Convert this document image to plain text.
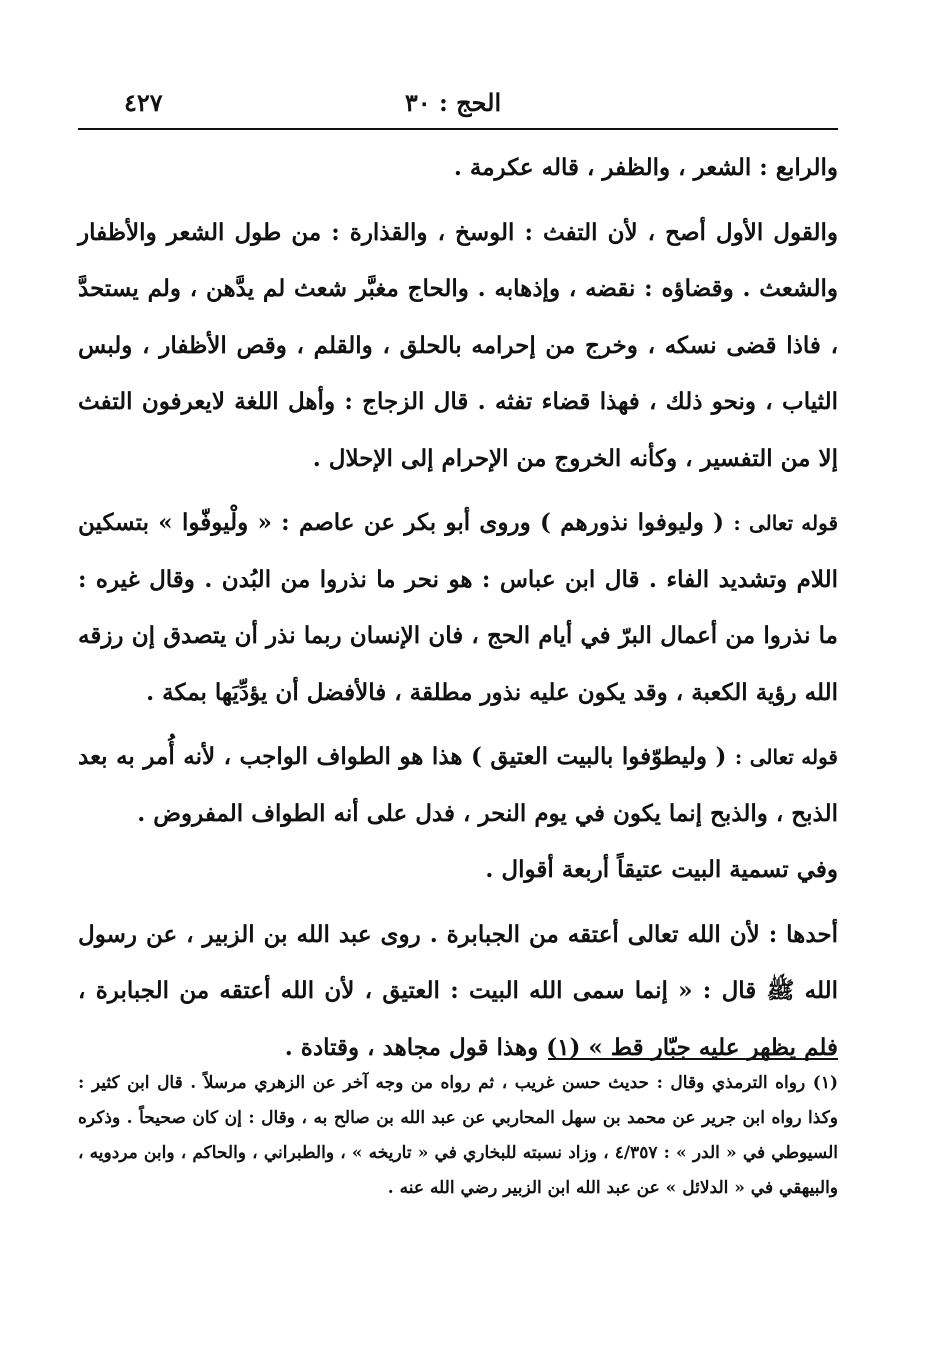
الحج : ٣٠
٤٢٧

والرابع : الشعر ، والظفر ، قاله عكرمة .

والقول الأول أصح ، لأن التفث : الوسخ ، والقذارة : من طول الشعر والأظفار والشعث . وقضاؤه : نقضه ، وإذهابه . والحاج مغبَّر شعث لم يدَّهن ، ولم يستحدَّ ، فاذا قضى نسكه ، وخرج من إحرامه بالحلق ، والقلم ، وقص الأظفار ، ولبس الثياب ، ونحو ذلك ، فهذا قضاء تفثه . قال الزجاج : وأهل اللغة لايعرفون التفث إلا من التفسير ، وكأنه الخروج من الإحرام إلى الإحلال .

قوله تعالى : ( وليوفوا نذورهم ) وروى أبو بكر عن عاصم : « ولْيوفّوا » بتسكين اللام وتشديد الفاء . قال ابن عباس : هو نحر ما نذروا من البُدن . وقال غيره : ما نذروا من أعمال البرّ في أيام الحج ، فان الإنسان ربما نذر أن يتصدق إن رزقه الله رؤية الكعبة ، وقد يكون عليه نذور مطلقة ، فالأفضل أن يؤدِّيَها بمكة .

قوله تعالى : ( وليطوّفوا بالبيت العتيق ) هذا هو الطواف الواجب ، لأنه أُمر به بعد الذبح ، والذبح إنما يكون في يوم النحر ، فدل على أنه الطواف المفروض .

وفي تسمية البيت عتيقاً أربعة أقوال .

أحدها : لأن الله تعالى أعتقه من الجبابرة . روى عبد الله بن الزبير ، عن رسول الله ﷺ قال : « إنما سمى الله البيت : العتيق ، لأن الله أعتقه من الجبابرة ، فلم يظهر عليه جبّار قط » (١) وهذا قول مجاهد ، وقتادة .

(١) رواه الترمذي وقال : حديث حسن غريب ، ثم رواه من وجه آخر عن الزهري مرسلاً . قال ابن كثير : وكذا رواه ابن جرير عن محمد بن سهل المحاربي عن عبد الله بن صالح به ، وقال : إن كان صحيحاً . وذكره السيوطي في « الدر » : ٤/٣٥٧ ، وزاد نسبته للبخاري في « تاريخه » ، والطبراني ، والحاكم ، وابن مردويه ، والبيهقي في « الدلائل » عن عبد الله ابن الزبير رضي الله عنه .
